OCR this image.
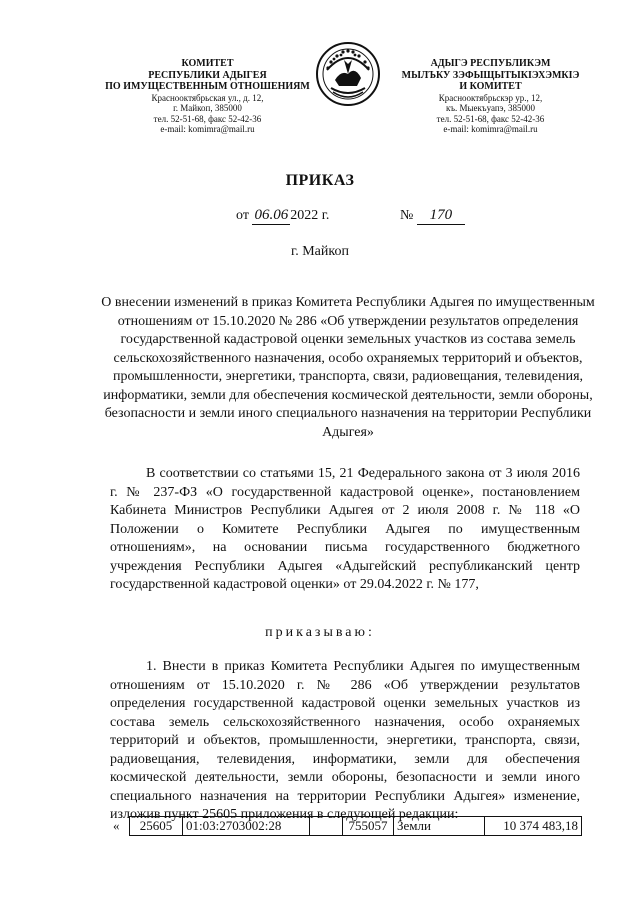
КОМИТЕТ
РЕСПУБЛИКИ АДЫГЕЯ
ПО ИМУЩЕСТВЕННЫМ ОТНОШЕНИЯМ
Краснооктябрьская ул., д. 12,
г. Майкоп, 385000
тел. 52-51-68, факс 52-42-36
e-mail: komimra@mail.ru
АДЫГЭ РЕСПУБЛИКЭМ
МЫЛЪКУ ЗЭФЫЩЫТЫКІЭХЭМКІЭ
И КОМИТЕТ
Краснооктябрьскэр ур., 12,
къ. Мыекъуапэ, 385000
тел. 52-51-68, факс 52-42-36
e-mail: komimra@mail.ru
ПРИКАЗ
от 06.06 2022 г.	№ 170
г. Майкоп
О внесении изменений в приказ Комитета Республики Адыгея по имущественным отношениям от 15.10.2020 № 286 «Об утверждении результатов определения государственной кадастровой оценки земельных участков из состава земель сельскохозяйственного назначения, особо охраняемых территорий и объектов, промышленности, энергетики, транспорта, связи, радиовещания, телевидения, информатики, земли для обеспечения космической деятельности, земли обороны, безопасности и земли иного специального назначения на территории Республики Адыгея»
В соответствии со статьями 15, 21 Федерального закона от 3 июля 2016 г. № 237-ФЗ «О государственной кадастровой оценке», постановлением Кабинета Министров Республики Адыгея от 2 июля 2008 г. № 118 «О Положении о Комитете Республики Адыгея по имущественным отношениям», на основании письма государственного бюджетного учреждения Республики Адыгея «Адыгейский республиканский центр государственной кадастровой оценки» от 29.04.2022 г. № 177,
приказываю:
1. Внести в приказ Комитета Республики Адыгея по имущественным отношениям от 15.10.2020 г. № 286 «Об утверждении результатов определения государственной кадастровой оценки земельных участков из состава земель сельскохозяйственного назначения, особо охраняемых территорий и объектов, промышленности, энергетики, транспорта, связи, радиовещания, телевидения, информатики, земли для обеспечения космической деятельности, земли обороны, безопасности и земли иного специального назначения на территории Республики Адыгея» изменение, изложив пункт 25605 приложения в следующей редакции:
«	25605	01:03:2703002:28		755057	Земли	10 374 483,18
